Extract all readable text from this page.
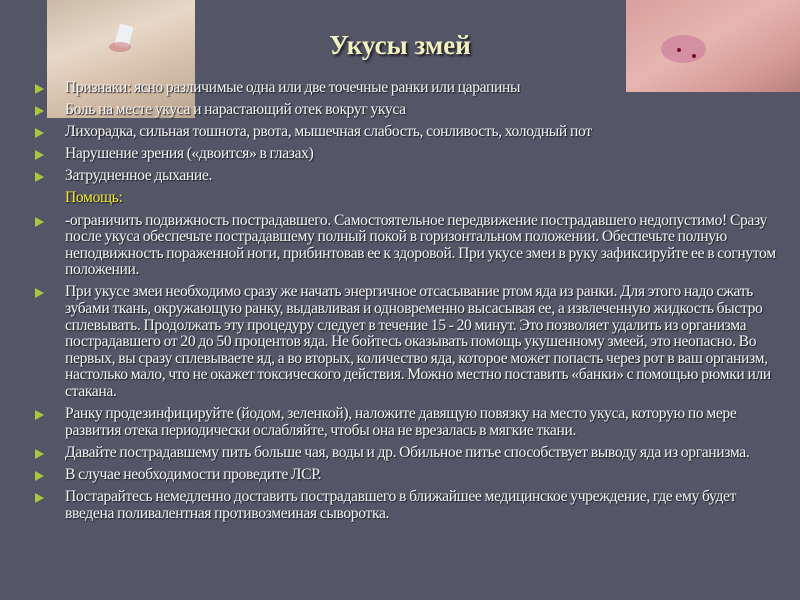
Укусы змей
Признаки: ясно различимые одна или две точечные ранки или царапины
Боль на месте укуса и нарастающий отек вокруг укуса
Лихорадка, сильная тошнота, рвота, мышечная слабость, сонливость, холодный пот
Нарушение зрения («двоится» в глазах)
Затрудненное дыхание.
Помощь:
-ограничить подвижность пострадавшего. Самостоятельное передвижение пострадавшего недопустимо! Сразу после укуса обеспечьте пострадавшему полный покой в горизонтальном положении. Обеспечьте полную неподвижность пораженной ноги, прибинтовав ее к здоровой. При укусе змеи в руку зафиксируйте ее в согнутом положении.
При укусе змеи необходимо сразу же начать энергичное отсасывание ртом яда из ранки. Для этого надо сжать зубами ткань, окружающую ранку, выдавливая и одновременно высасывая ее, а извлеченную жидкость быстро сплевывать. Продолжать эту процедуру следует в течение 15 - 20 минут. Это позволяет удалить из организма пострадавшего от 20 до 50 процентов яда. Не бойтесь оказывать помощь укушенному змеей, это неопасно. Во первых, вы сразу сплевываете яд, а во вторых, количество яда, которое может попасть через рот в ваш организм, настолько мало, что не окажет токсического действия. Можно местно поставить «банки» с помощью рюмки или стакана.
Ранку продезинфицируйте (йодом, зеленкой), наложите давящую повязку на место укуса, которую по мере развития отека периодически ослабляйте, чтобы она не врезалась в мягкие ткани.
Давайте пострадавшему пить больше чая, воды и др. Обильное питье способствует выводу яда из организма.
В случае необходимости проведите ЛСР.
Постарайтесь немедленно доставить пострадавшего в ближайшее медицинское учреждение, где ему будет введена поливалентная противозмеиная сыворотка.
